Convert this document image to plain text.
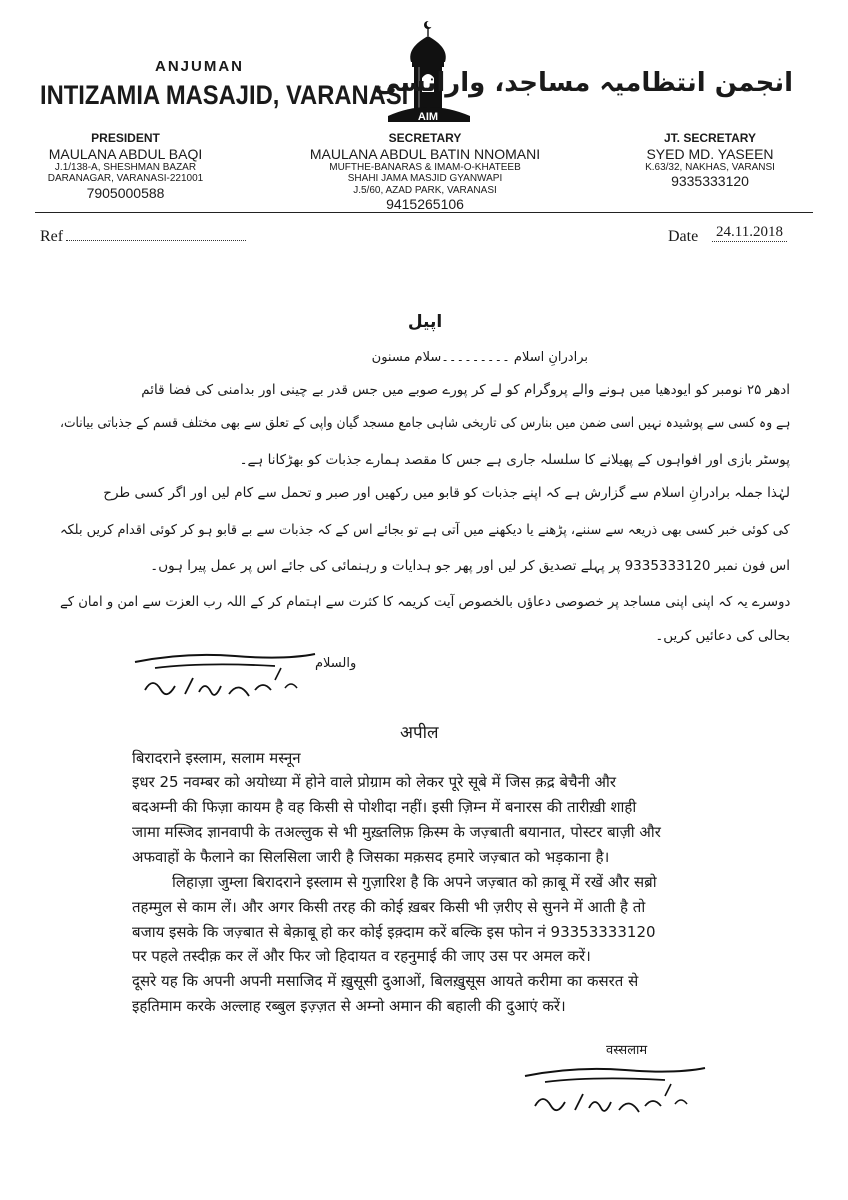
ANJUMAN
INTIZAMIA MASAJID, VARANASI
AIM
انجمن انتظامیہ مساجد، وارانسی
PRESIDENT
MAULANA ABDUL BAQI
J.1/138-A, SHESHMAN BAZAR
DARANAGAR, VARANASI-221001
7905000588
SECRETARY
MAULANA ABDUL BATIN NNOMANI
MUFTHE-BANARAS & IMAM-O-KHATEEB
SHAHI JAMA MASJID GYANWAPI
J.5/60, AZAD PARK, VARANASI
9415265106
JT. SECRETARY
SYED MD. YASEEN
K.63/32, NAKHAS, VARANSI
9335333120
Ref	Date 24.11.2018
اپیل
برادرانِ اسلام ۔۔۔۔۔۔۔۔۔سلام مسنون
ادھر ۲۵ نومبر کو ایودھیا میں ہونے والے پروگرام کو لے کر پورے صوبے میں جس قدر بے چینی اور بدامنی کی فضا قائم
ہے وہ کسی سے پوشیدہ نہیں اسی ضمن میں بنارس کی تاریخی شاہی جامع مسجد گیان واپی کے تعلق سے بھی مختلف قسم کے جذباتی بیانات،
پوسٹر بازی اور افواہوں کے پھیلانے کا سلسلہ جاری ہے جس کا مقصد ہمارے جذبات کو بھڑکانا ہے۔
لہٰذا جملہ برادرانِ اسلام سے گزارش ہے کہ اپنے جذبات کو قابو میں رکھیں اور صبر و تحمل سے کام لیں اور اگر کسی طرح
کی کوئی خبر کسی بھی ذریعہ سے سننے، پڑھنے یا دیکھنے میں آتی ہے تو بجائے اس کے کہ جذبات سے بے قابو ہو کر کوئی اقدام کریں بلکہ
اس فون نمبر 9335333120 پر پہلے تصدیق کر لیں اور پھر جو ہدایات و رہنمائی کی جائے اس پر عمل پیرا ہوں۔
دوسرے یہ کہ اپنی اپنی مساجد پر خصوصی دعاؤں بالخصوص آیت کریمہ کا کثرت سے اہتمام کر کے اللہ رب العزت سے امن و امان کے
بحالی کی دعائیں کریں۔
والسلام
अपील
बिरादराने इस्लाम, सलाम मस्नून
इधर 25 नवम्बर को अयोध्या में होने वाले प्रोग्राम को लेकर पूरे सूबे में जिस क़द्र बेचैनी और
बदअम्नी की फिज़ा कायम है वह किसी से पोशीदा नहीं। इसी ज़िम्न में बनारस की तारीख़ी शाही
जामा मस्जिद ज्ञानवापी के तअल्लुक से भी मुख़्तलिफ़ क़िस्म के जज़्बाती बयानात, पोस्टर बाज़ी और
अफवाहों के फैलाने का सिलसिला जारी है जिसका मक़सद हमारे जज़्बात को भड़काना है।
लिहाज़ा जुम्ला बिरादराने इस्लाम से गुज़ारिश है कि अपने जज़्बात को क़ाबू में रखें और सब्रो
तहम्मुल से काम लें। और अगर किसी तरह की कोई ख़बर किसी भी ज़रीए से सुनने में आती है तो
बजाय इसके कि जज़्बात से बेक़ाबू हो कर कोई इक़्दाम करें बल्कि इस फोन नं 93353333120
पर पहले तस्दीक़ कर लें और फिर जो हिदायत व रहनुमाई की जाए उस पर अमल करें।
दूसरे यह कि अपनी अपनी मसाजिद में ख़ुसूसी दुआओं, बिलख़ुसूस आयते करीमा का कसरत से
इहतिमाम करके अल्लाह रब्बुल इज़्ज़त से अम्नो अमान की बहाली की दुआएं करें।
वस्सलाम
